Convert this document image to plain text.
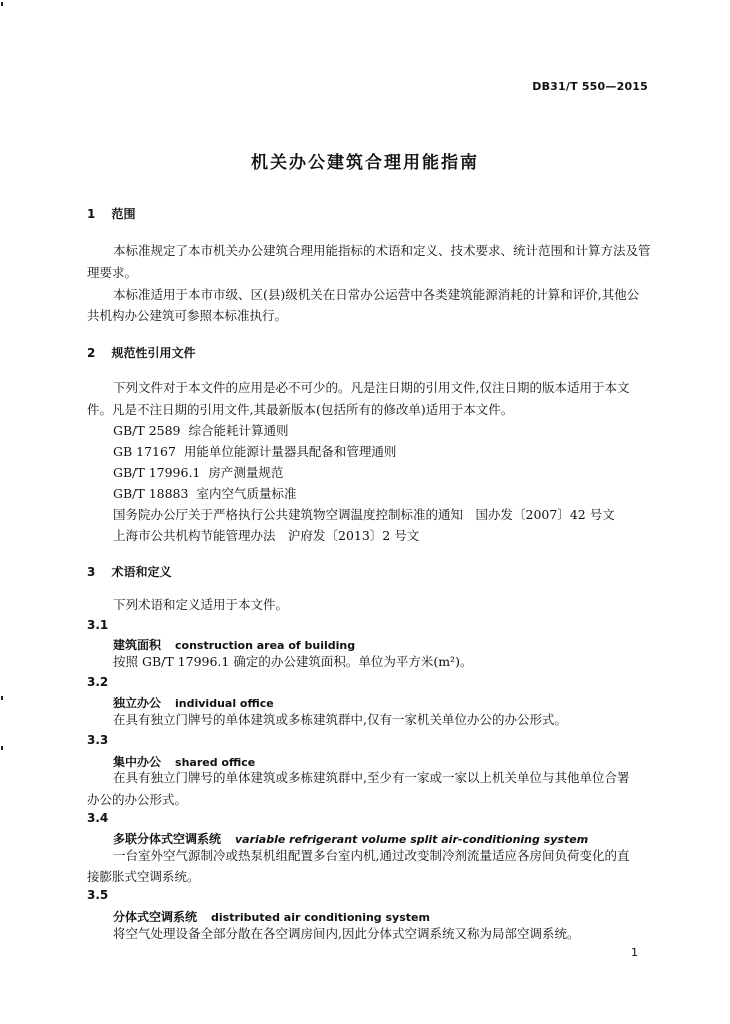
DB31/T 550—2015
机关办公建筑合理用能指南
1 范围
本标准规定了本市机关办公建筑合理用能指标的术语和定义、技术要求、统计范围和计算方法及管
理要求。
本标准适用于本市市级、区(县)级机关在日常办公运营中各类建筑能源消耗的计算和评价,其他公
共机构办公建筑可参照本标准执行。
2 规范性引用文件
下列文件对于本文件的应用是必不可少的。凡是注日期的引用文件,仅注日期的版本适用于本文
件。凡是不注日期的引用文件,其最新版本(包括所有的修改单)适用于本文件。
GB/T 2589 综合能耗计算通则
GB 17167 用能单位能源计量器具配备和管理通则
GB/T 17996.1 房产测量规范
GB/T 18883 室内空气质量标准
国务院办公厅关于严格执行公共建筑物空调温度控制标准的通知　国办发〔2007〕42 号文
上海市公共机构节能管理办法　沪府发〔2013〕2 号文
3 术语和定义
下列术语和定义适用于本文件。
3.1
建筑面积 construction area of building
按照 GB/T 17996.1 确定的办公建筑面积。单位为平方米(m²)。
3.2
独立办公 individual office
在具有独立门牌号的单体建筑或多栋建筑群中,仅有一家机关单位办公的办公形式。
3.3
集中办公 shared office
在具有独立门牌号的单体建筑或多栋建筑群中,至少有一家或一家以上机关单位与其他单位合署
办公的办公形式。
3.4
多联分体式空调系统 variable refrigerant volume split air-conditioning system
一台室外空气源制冷或热泵机组配置多台室内机,通过改变制冷剂流量适应各房间负荷变化的直
接膨胀式空调系统。
3.5
分体式空调系统 distributed air conditioning system
将空气处理设备全部分散在各空调房间内,因此分体式空调系统又称为局部空调系统。
1
